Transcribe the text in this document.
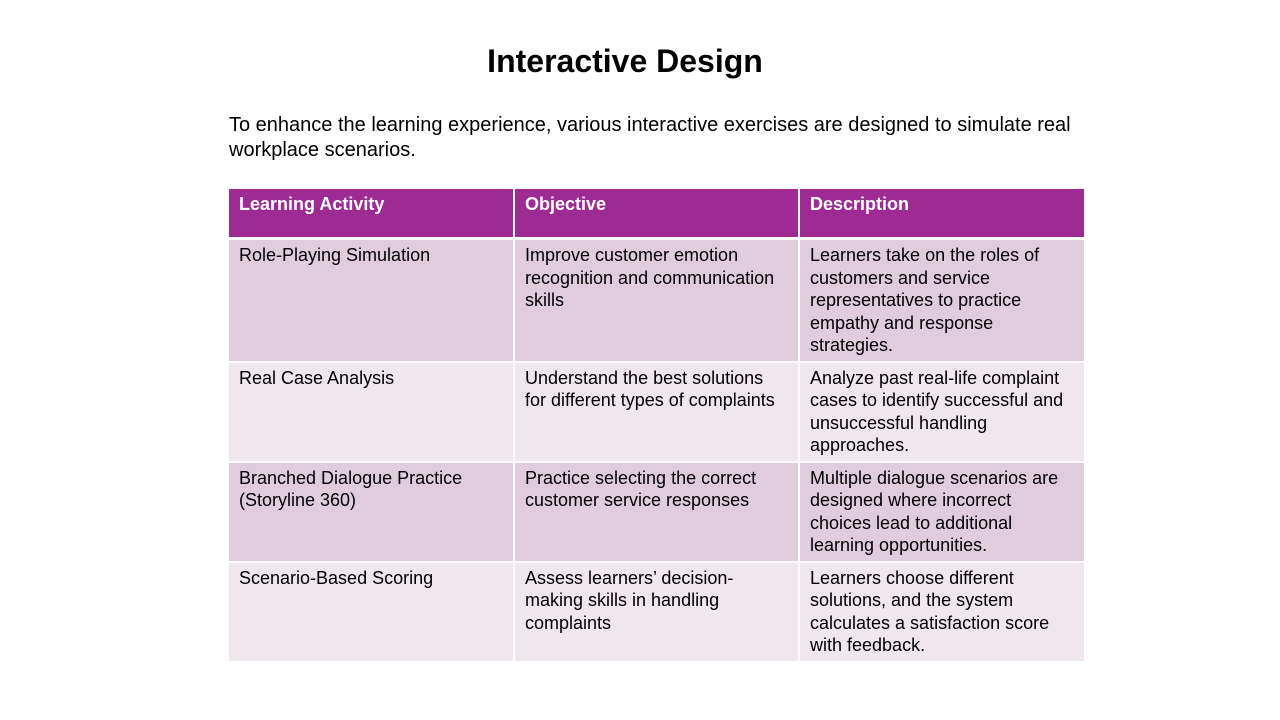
Interactive Design
To enhance the learning experience, various interactive exercises are designed to simulate real workplace scenarios.
Learning Activity	Objective	Description
Role-Playing Simulation	Improve customer emotion recognition and communication skills	Learners take on the roles of customers and service representatives to practice empathy and response strategies.
Real Case Analysis	Understand the best solutions for different types of complaints	Analyze past real-life complaint cases to identify successful and unsuccessful handling approaches.
Branched Dialogue Practice (Storyline 360)	Practice selecting the correct customer service responses	Multiple dialogue scenarios are designed where incorrect choices lead to additional learning opportunities.
Scenario-Based Scoring	Assess learners’ decision-making skills in handling complaints	Learners choose different solutions, and the system calculates a satisfaction score with feedback.
